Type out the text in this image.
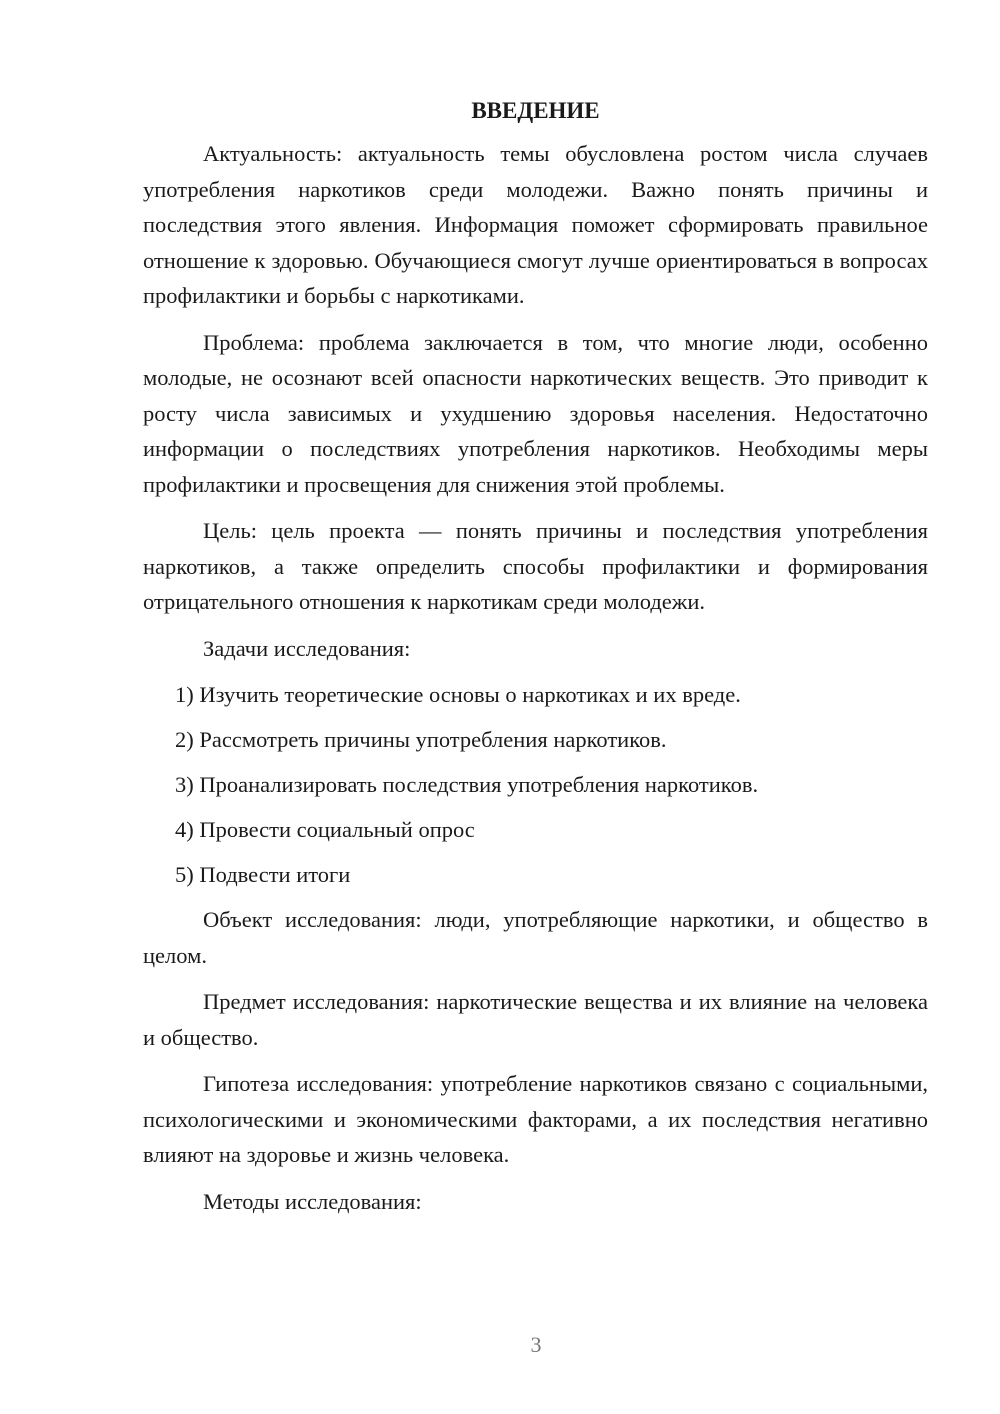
ВВЕДЕНИЕ

Актуальность: актуальность темы обусловлена ростом числа случаев употребления наркотиков среди молодежи. Важно понять причины и последствия этого явления. Информация поможет сформировать правильное отношение к здоровью. Обучающиеся смогут лучше ориентироваться в вопросах профилактики и борьбы с наркотиками.

Проблема: проблема заключается в том, что многие люди, особенно молодые, не осознают всей опасности наркотических веществ. Это приводит к росту числа зависимых и ухудшению здоровья населения. Недостаточно информации о последствиях употребления наркотиков. Необходимы меры профилактики и просвещения для снижения этой проблемы.

Цель: цель проекта — понять причины и последствия употребления наркотиков, а также определить способы профилактики и формирования отрицательного отношения к наркотикам среди молодежи.

Задачи исследования:

1) Изучить теоретические основы о наркотиках и их вреде.
2) Рассмотреть причины употребления наркотиков.
3) Проанализировать последствия употребления наркотиков.
4) Провести социальный опрос
5) Подвести итоги

Объект исследования: люди, употребляющие наркотики, и общество в целом.

Предмет исследования: наркотические вещества и их влияние на человека и общество.

Гипотеза исследования: употребление наркотиков связано с социальными, психологическими и экономическими факторами, а их последствия негативно влияют на здоровье и жизнь человека.

Методы исследования:

3
